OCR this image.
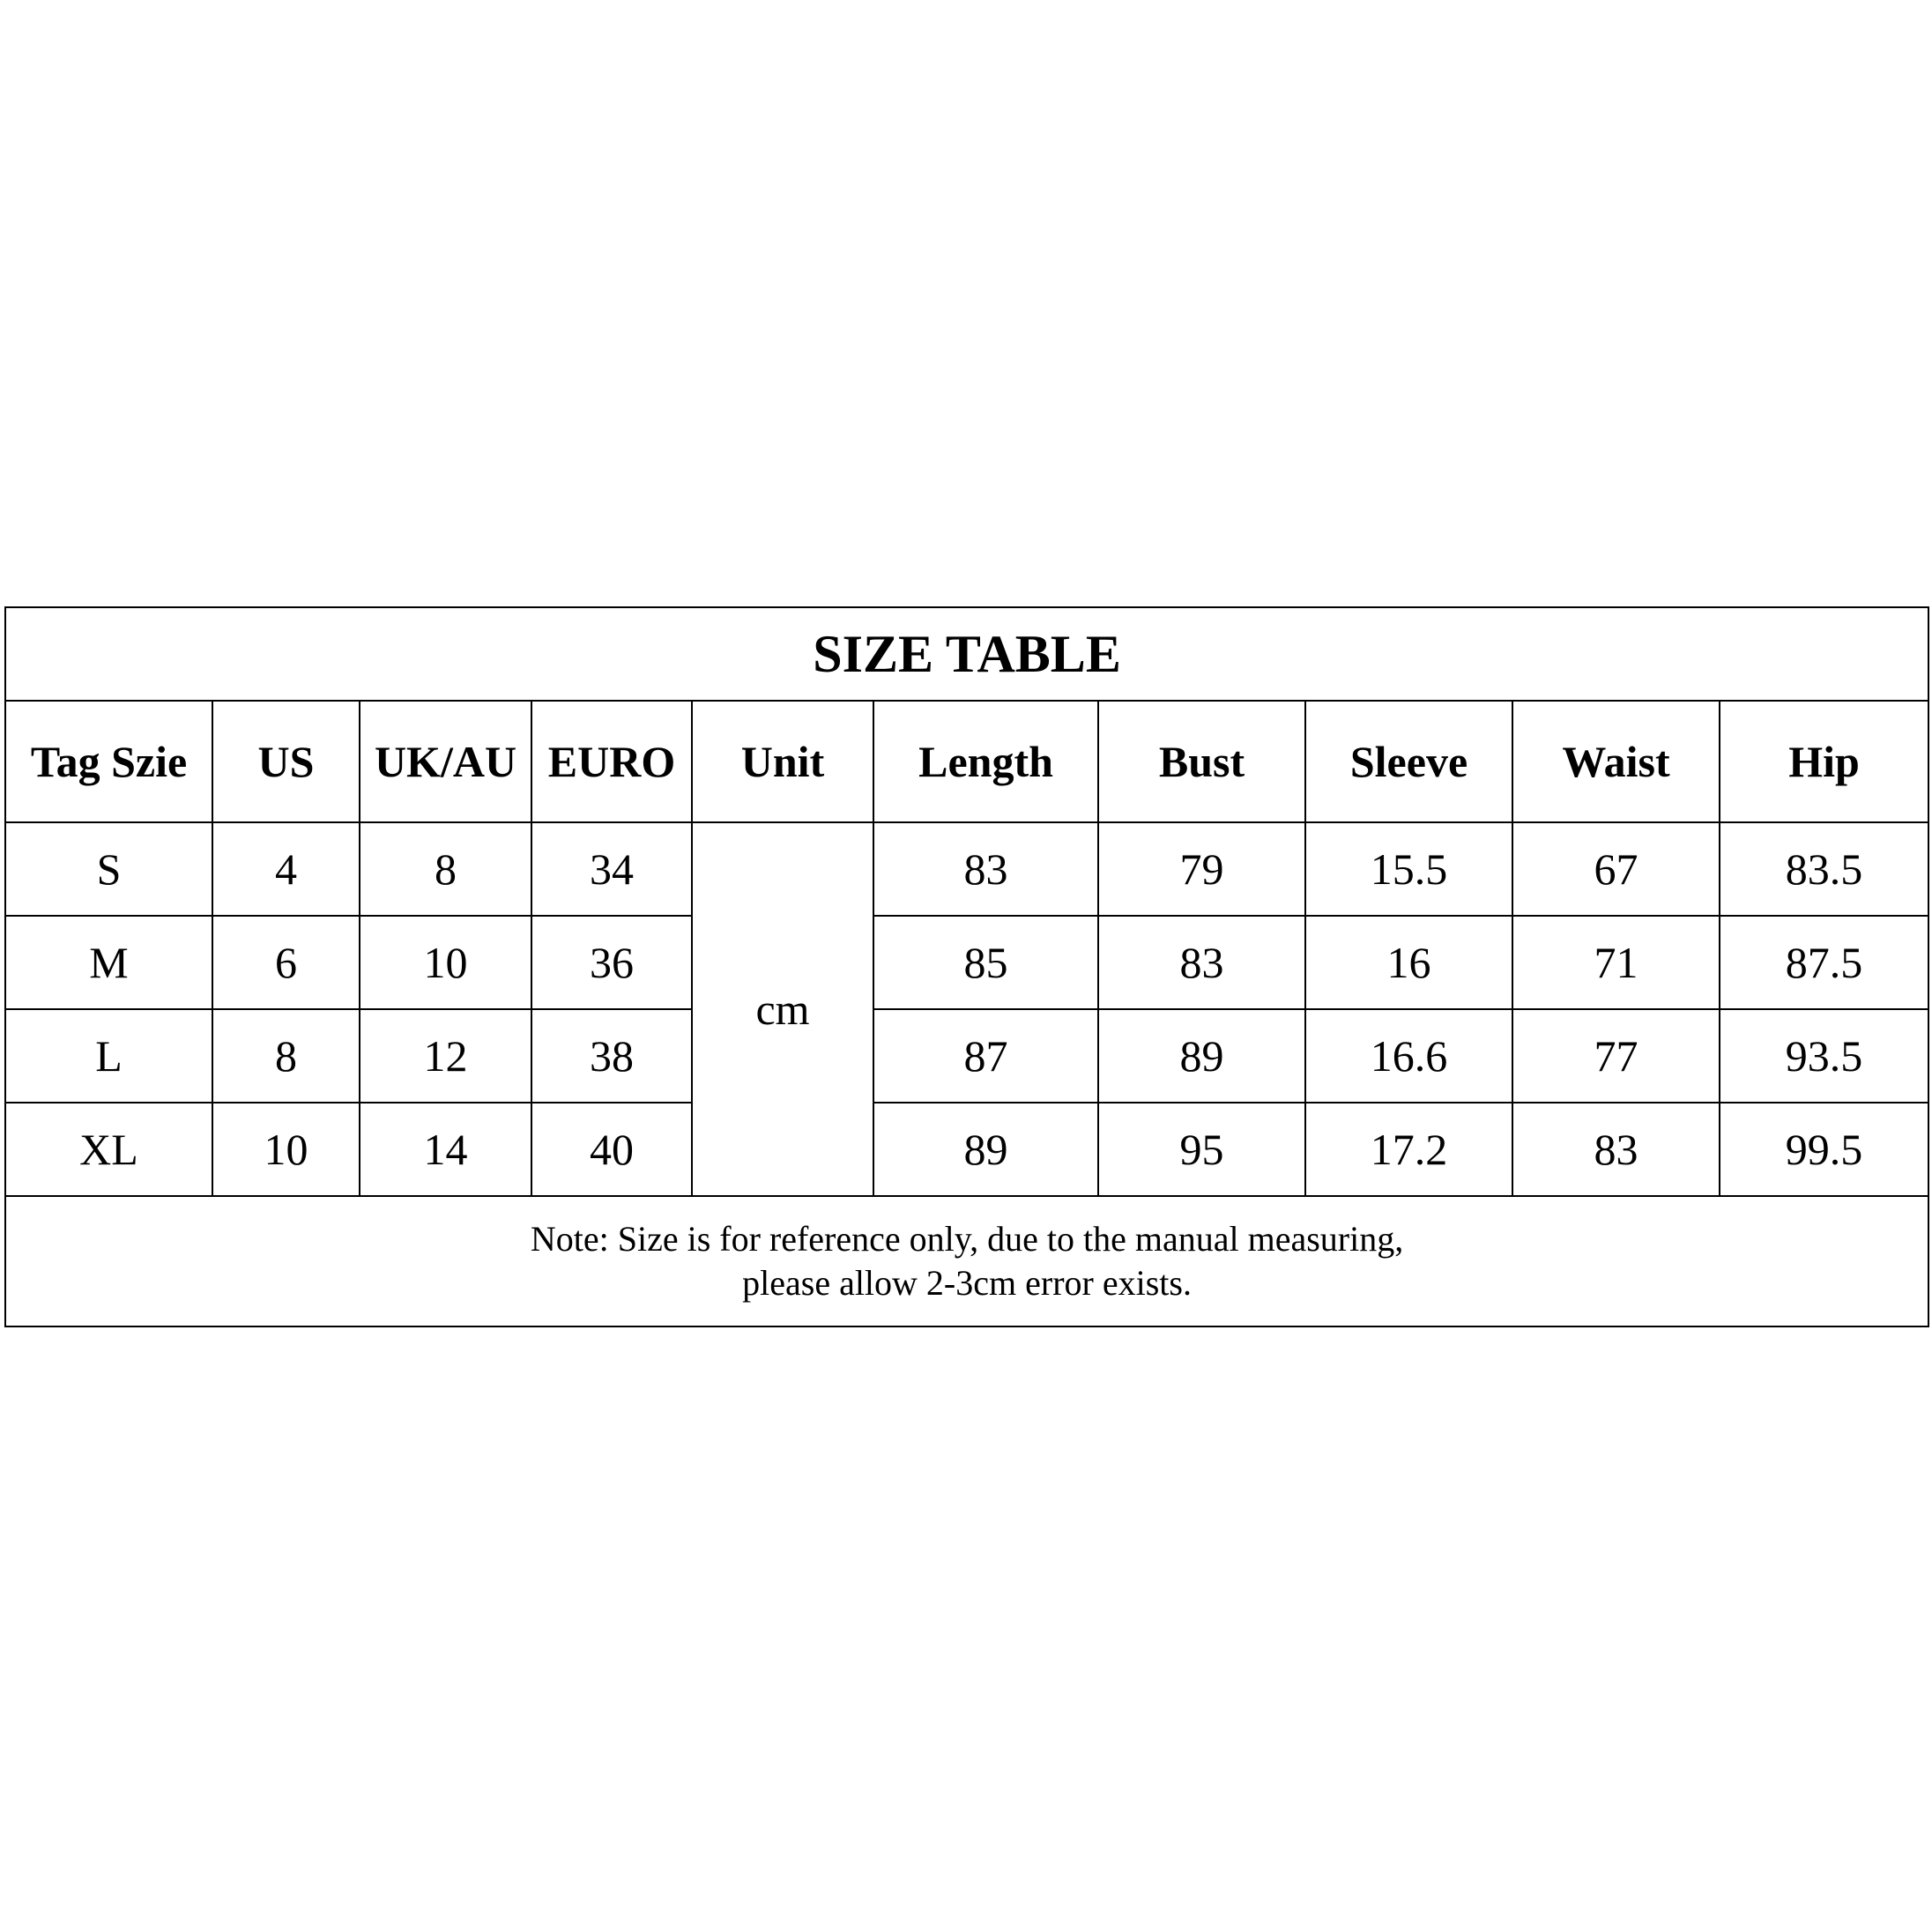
SIZE TABLE									
Tag Szie	US	UK/AU	EURO	Unit	Length	Bust	Sleeve	Waist	Hip
S	4	8	34	cm	83	79	15.5	67	83.5
M	6	10	36		85	83	16	71	87.5
L	8	12	38		87	89	16.6	77	93.5
XL	10	14	40		89	95	17.2	83	99.5

Note: Size is for reference only, due to the manual measuring,
please allow 2-3cm error exists.									
